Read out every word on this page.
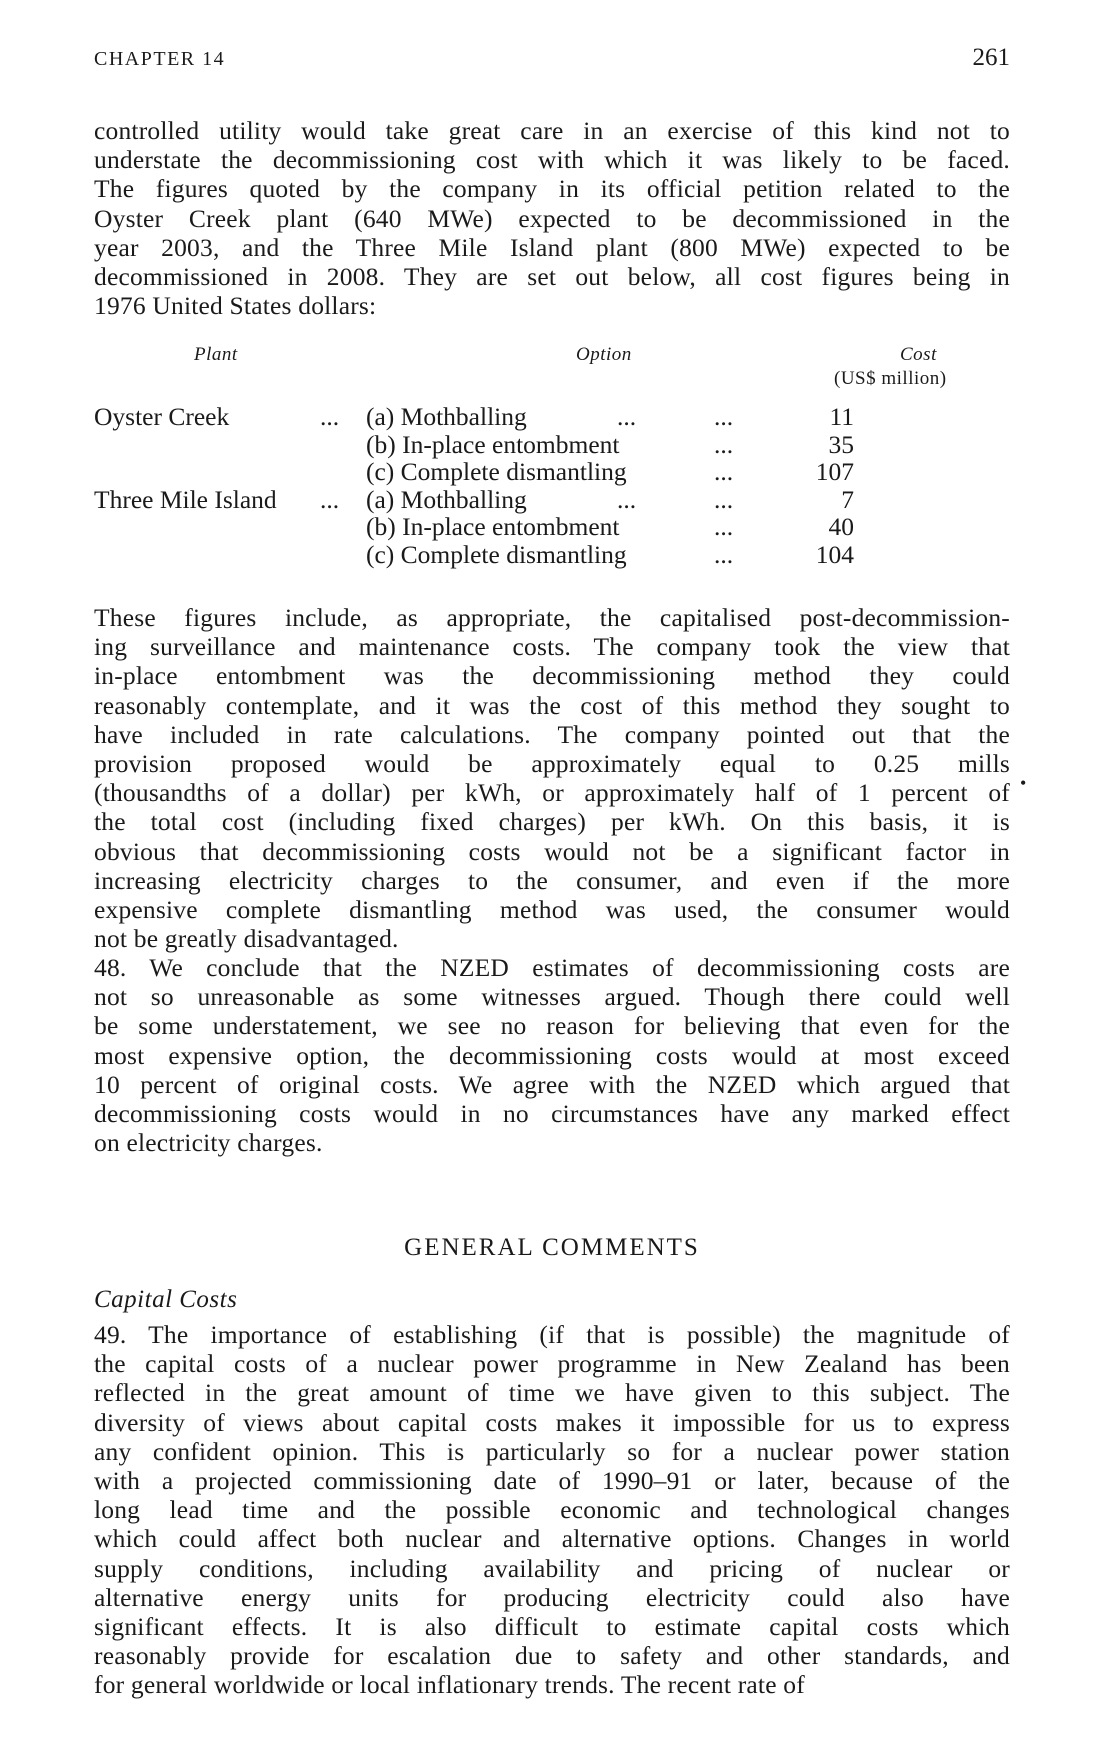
CHAPTER 14	261

controlled utility would take great care in an exercise of this kind not to
understate the decommissioning cost with which it was likely to be faced.
The figures quoted by the company in its official petition related to the
Oyster Creek plant (640 MWe) expected to be decommissioned in the
year 2003, and the Three Mile Island plant (800 MWe) expected to be
decommissioned in 2008. They are set out below, all cost figures being in
1976 United States dollars:

Plant	Option	Cost
(US$ million)
Oyster Creek	... (a) Mothballing	...	...	11
(b) In-place entombment	...	35
(c) Complete dismantling	...	107
Three Mile Island ... (a) Mothballing	...	...	7
(b) In-place entombment	...	40
(c) Complete dismantling	...	104

These figures include, as appropriate, the capitalised post-decommission-
ing surveillance and maintenance costs. The company took the view that
in-place entombment was the decommissioning method they could
reasonably contemplate, and it was the cost of this method they sought to
have included in rate calculations. The company pointed out that the
provision proposed would be approximately equal to 0.25 mills
(thousandths of a dollar) per kWh, or approximately half of 1 percent of
the total cost (including fixed charges) per kWh. On this basis, it is
obvious that decommissioning costs would not be a significant factor in
increasing electricity charges to the consumer, and even if the more
expensive complete dismantling method was used, the consumer would
not be greatly disadvantaged.

•

48. We conclude that the NZED estimates of decommissioning costs are
not so unreasonable as some witnesses argued. Though there could well
be some understatement, we see no reason for believing that even for the
most expensive option, the decommissioning costs would at most exceed
10 percent of original costs. We agree with the NZED which argued that
decommissioning costs would in no circumstances have any marked effect
on electricity charges.

GENERAL COMMENTS
Capital Costs

49. The importance of establishing (if that is possible) the magnitude of
the capital costs of a nuclear power programme in New Zealand has been
reflected in the great amount of time we have given to this subject. The
diversity of views about capital costs makes it impossible for us to express
any confident opinion. This is particularly so for a nuclear power station
with a projected commissioning date of 1990–91 or later, because of the
long lead time and the possible economic and technological changes
which could affect both nuclear and alternative options. Changes in world
supply conditions, including availability and pricing of nuclear or
alternative energy units for producing electricity could also have
significant effects. It is also difficult to estimate capital costs which
reasonably provide for escalation due to safety and other standards, and
for general worldwide or local inflationary trends. The recent rate of
